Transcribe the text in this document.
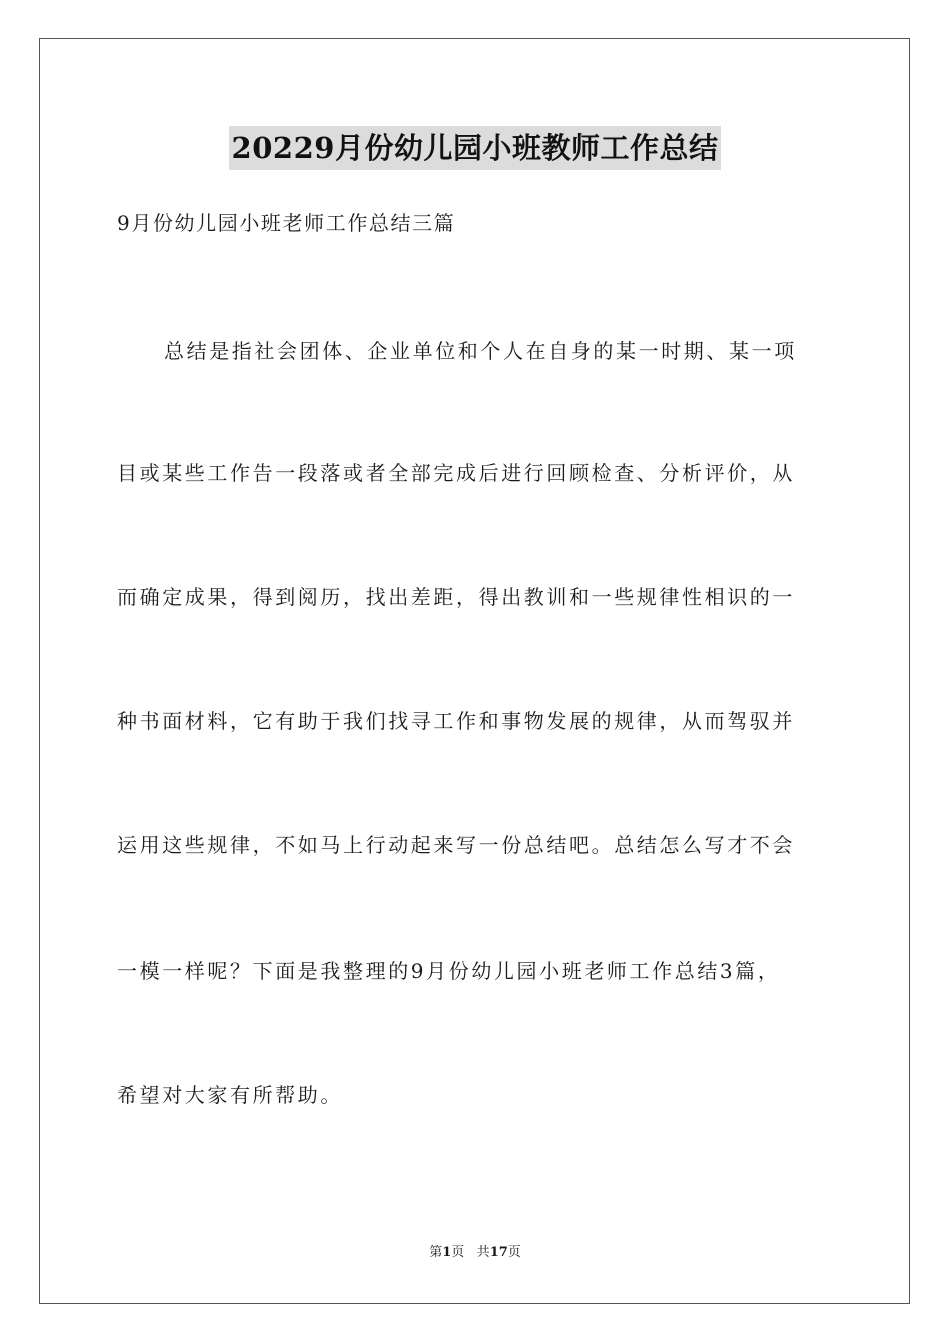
20229月份幼儿园小班教师工作总结
9月份幼儿园小班老师工作总结三篇
总结是指社会团体、企业单位和个人在自身的某一时期、某一项
目或某些工作告一段落或者全部完成后进行回顾检查、分析评价，从
而确定成果，得到阅历，找出差距，得出教训和一些规律性相识的一
种书面材料，它有助于我们找寻工作和事物发展的规律，从而驾驭并
运用这些规律，不如马上行动起来写一份总结吧。总结怎么写才不会
一模一样呢？下面是我整理的9月份幼儿园小班老师工作总结3篇，
希望对大家有所帮助。
第1页 共17页
